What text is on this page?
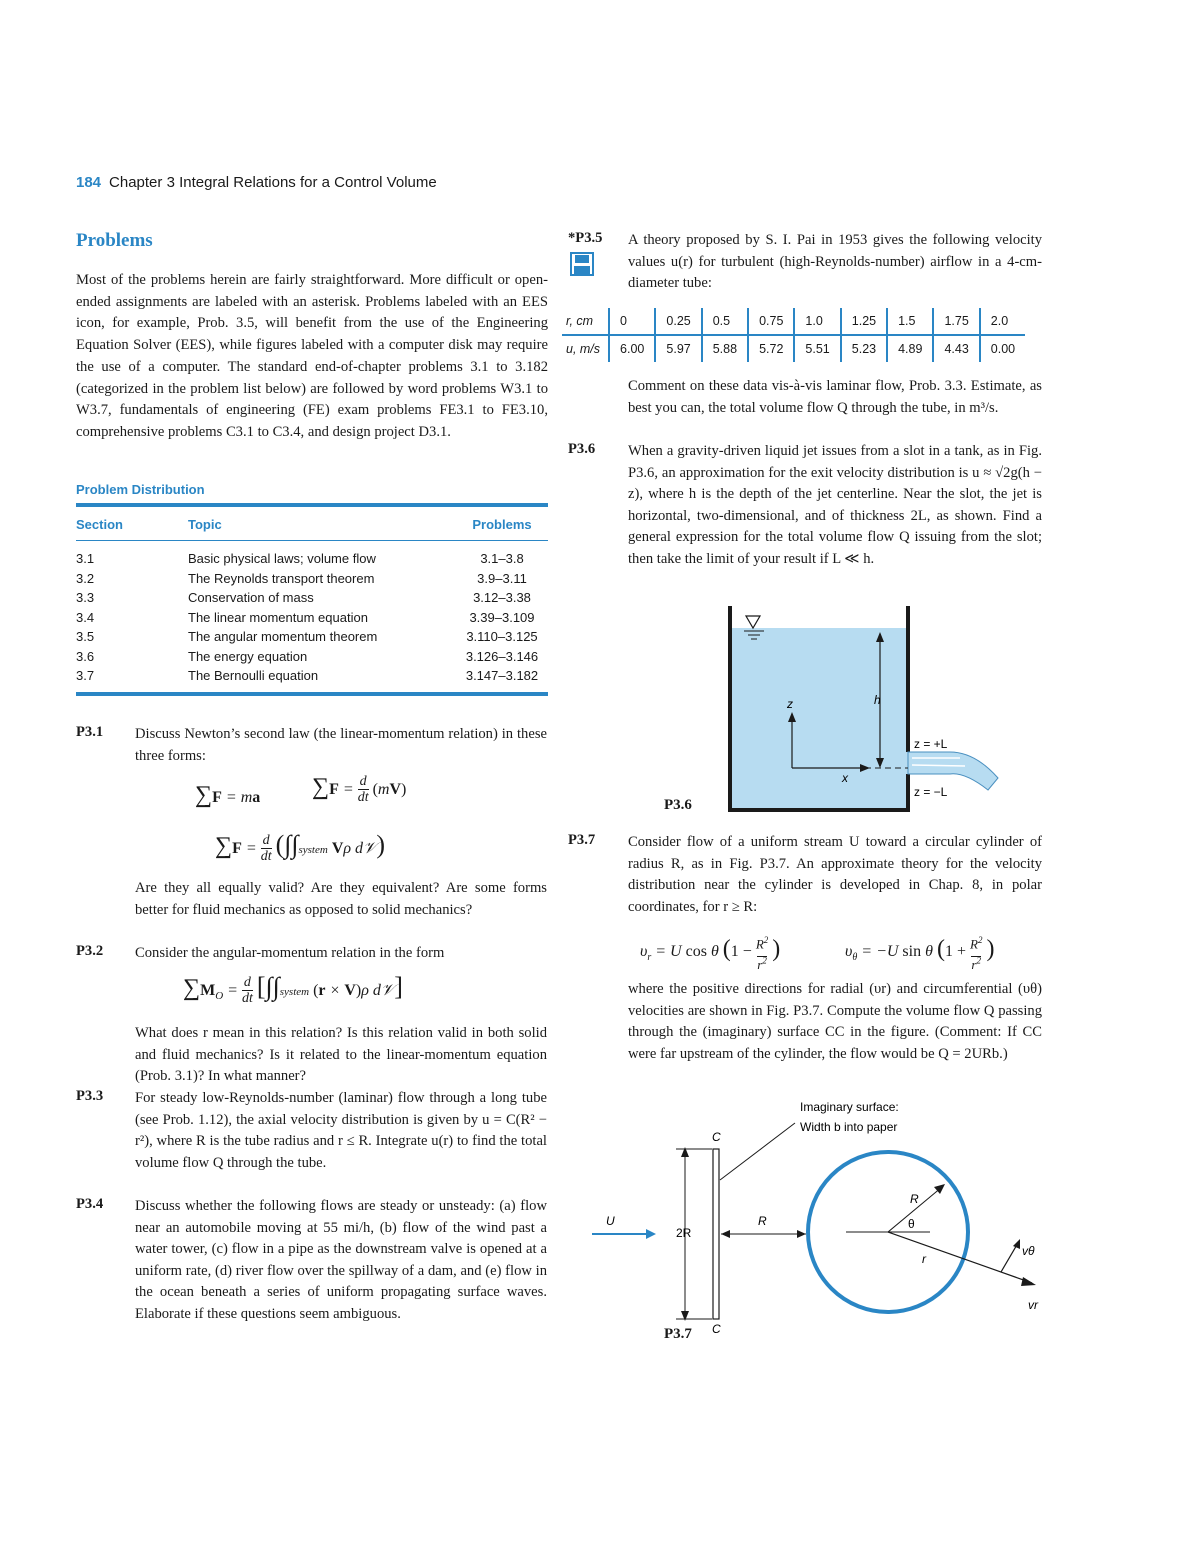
184 Chapter 3 Integral Relations for a Control Volume
Problems
Most of the problems herein are fairly straightforward. More difficult or open-ended assignments are labeled with an asterisk. Problems labeled with an EES icon, for example, Prob. 3.5, will benefit from the use of the Engineering Equation Solver (EES), while figures labeled with a computer disk may require the use of a computer. The standard end-of-chapter problems 3.1 to 3.182 (categorized in the problem list below) are followed by word problems W3.1 to W3.7, fundamentals of engineering (FE) exam problems FE3.1 to FE3.10, comprehensive problems C3.1 to C3.4, and design project D3.1.
Problem Distribution
Section	Topic	Problems
3.1	Basic physical laws; volume flow	3.1–3.8
3.2	The Reynolds transport theorem	3.9–3.11
3.3	Conservation of mass	3.12–3.38
3.4	The linear momentum equation	3.39–3.109
3.5	The angular momentum theorem	3.110–3.125
3.6	The energy equation	3.126–3.146
3.7	The Bernoulli equation	3.147–3.182
P3.1 Discuss Newton’s second law (the linear-momentum relation) in these three forms:
∑F = ma ∑F = d
dt (mV)
∑F = d
dt (∫∫system Vρ d𝒱)
Are they all equally valid? Are they equivalent? Are some forms better for fluid mechanics as opposed to solid mechanics?
P3.2 Consider the angular-momentum relation in the form
$\sum M_O = d$
dt [∫∫system (r × V)ρ d𝒱]
What does r mean in this relation? Is this relation valid in both solid and fluid mechanics? Is it related to the linear-momentum equation (Prob. 3.1)? In what manner?
P3.3 For steady low-Reynolds-number (laminar) flow through a long tube (see Prob. 1.12), the axial velocity distribution is given by u = C(R² − r²), where R is the tube radius and r ≤ R. Integrate u(r) to find the total volume flow Q through the tube.
P3.4 Discuss whether the following flows are steady or unsteady: (a) flow near an automobile moving at 55 mi/h, (b) flow of the wind past a water tower, (c) flow in a pipe as the downstream valve is opened at a uniform rate, (d) river flow over the spillway of a dam, and (e) flow in the ocean beneath a series of uniform propagating surface waves. Elaborate if these questions seem ambiguous.
*P3.5 A theory proposed by S. I. Pai in 1953 gives the following velocity values u(r) for turbulent (high-Reynolds-number) airflow in a 4-cm-diameter tube:
r, cm	0	0.25	0.5	0.75	1.0	1.25	1.5	1.75	2.0
u, m/s	6.00	5.97	5.88	5.72	5.51	5.23	4.89	4.43	0.00
Comment on these data vis-à-vis laminar flow, Prob. 3.3. Estimate, as best you can, the total volume flow Q through the tube, in m³/s.
P3.6 When a gravity-driven liquid jet issues from a slot in a tank, as in Fig. P3.6, an approximation for the exit velocity distribution is u ≈ √2g(h − z), where h is the depth of the jet centerline. Near the slot, the jet is horizontal, two-dimensional, and of thickness 2L, as shown. Find a general expression for the total volume flow Q issuing from the slot; then take the limit of your result if L ≪ h.
z
x
h
z = +L
z = −L
P3.6
P3.7 Consider flow of a uniform stream U toward a circular cylinder of radius R, as in Fig. P3.7. An approximate theory for the velocity distribution near the cylinder is developed in Chap. 8, in polar coordinates, for r ≥ R:
$\upsilon_r = U$ cos θ ($1 - R^2$
$r^2$ )	$\upsilon_\theta = -U$ sin θ ($1 + R^2$
$r^2$ )
where the positive directions for radial (υr) and circumferential (υθ) velocities are shown in Fig. P3.7. Compute the volume flow Q passing through the (imaginary) surface CC in the figure. (Comment: If CC were far upstream of the cylinder, the flow would be Q = 2URb.)
Imaginary surface:
Width b into paper
C
C
2R
U	R
R
θ
r
vθ
vr
P3.7
